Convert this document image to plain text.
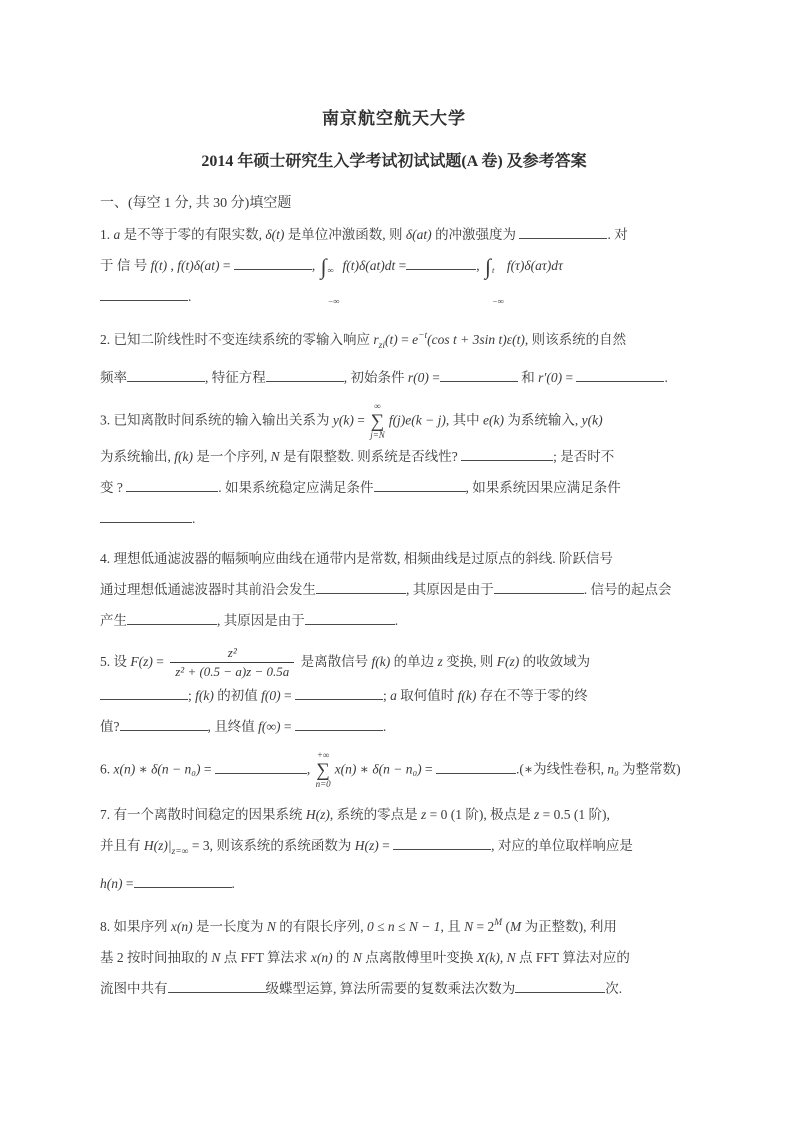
南京航空航天大学
2014 年硕士研究生入学考试初试试题(A 卷) 及参考答案
一、(每空 1 分, 共 30 分)填空题
1. a 是不等于零的有限实数, δ(t) 是单位冲激函数, 则 δ(at) 的冲激强度为	. 对
于 信 号 f(t) , f(t)δ(at) =	, ∫ ∞
−∞
f(t)δ(at)dt =	, ∫ t
−∞
f(τ)δ(aτ)dτ
.
2. 已知二阶线性时不变连续系统的零输入响应 $r_{zi}(t) = e^{-t}(\cos$ t + 3sin t)ε(t), 则该系统的自然
频率	, 特征方程	, 初始条件 r(0) =	和 r′(0) =	.
3. 已知离散时间系统的输入输出关系为 y(k) =
∞
∑
j=N
f(j)e(k − j), 其中 e(k) 为系统输入, y(k)
为系统输出, f(k) 是一个序列, N 是有限整数. 则系统是否线性?	; 是否时不
变 ?	. 如果系统稳定应满足条件	, 如果系统因果应满足条件
.
4. 理想低通滤波器的幅频响应曲线在通带内是常数, 相频曲线是过原点的斜线. 阶跃信号
通过理想低通滤波器时其前沿会发生	, 其原因是由于	. 信号的起点会
产生	, 其原因是由于	.
5. 设 $F(z) = \frac{\text{z²}}{\text{z² + (0.5 − a)z − 0.5a}}$ 是离散信号 f(k) 的单边 z 变换, 则 F(z) 的收敛域为
; f(k) 的初值 f(0) =	; a 取何值时 f(k) 存在不等于零的终
值?	, 且终值 f(∞) =	.
6. x(n) ∗ δ(n − n₀) =	,
+∞
∑
n=0
x(n) ∗ δ(n − n₀) =	.(∗为线性卷积, n₀ 为整常数)
7. 有一个离散时间稳定的因果系统 H(z), 系统的零点是 z = 0 (1 阶), 极点是 z = 0.5 (1 阶),
并且有 $H(z)|_{z=\infty} = 3$, 则该系统的系统函数为 H(z) =	, 对应的单位取样响应是
h(n) =	.
8. 如果序列 x(n) 是一长度为 N 的有限长序列, 0 ≤ n ≤ N − 1, 且 $N = 2^M$ (M 为正整数), 利用
基 2 按时间抽取的 N 点 FFT 算法求 x(n) 的 N 点离散傅里叶变换 X(k), N 点 FFT 算法对应的
流图中共有	级蝶型运算, 算法所需要的复数乘法次数为	次.
